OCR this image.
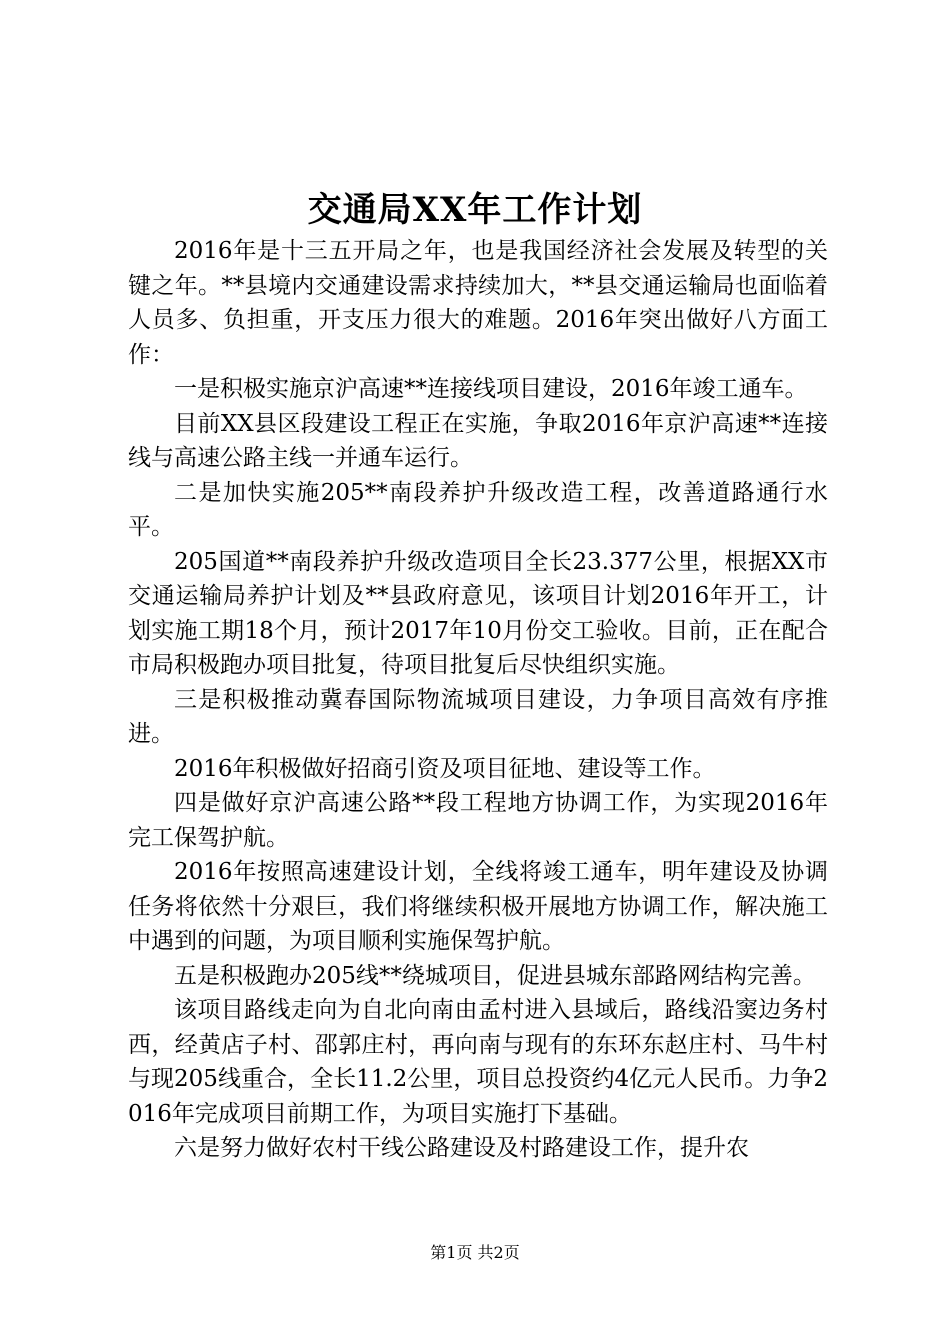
交通局XX年工作计划

2016年是十三五开局之年，也是我国经济社会发展及转型的关键之年。**县境内交通建设需求持续加大，**县交通运输局也面临着人员多、负担重，开支压力很大的难题。2016年突出做好八方面工作：

一是积极实施京沪高速**连接线项目建设，2016年竣工通车。

目前XX县区段建设工程正在实施，争取2016年京沪高速**连接线与高速公路主线一并通车运行。

二是加快实施205**南段养护升级改造工程，改善道路通行水平。

205国道**南段养护升级改造项目全长23.377公里，根据XX市交通运输局养护计划及**县政府意见，该项目计划2016年开工，计划实施工期18个月，预计2017年10月份交工验收。目前，正在配合市局积极跑办项目批复，待项目批复后尽快组织实施。

三是积极推动冀春国际物流城项目建设，力争项目高效有序推进。

2016年积极做好招商引资及项目征地、建设等工作。

四是做好京沪高速公路**段工程地方协调工作，为实现2016年完工保驾护航。

2016年按照高速建设计划，全线将竣工通车，明年建设及协调任务将依然十分艰巨，我们将继续积极开展地方协调工作，解决施工中遇到的问题，为项目顺利实施保驾护航。

五是积极跑办205线**绕城项目，促进县城东部路网结构完善。

该项目路线走向为自北向南由孟村进入县域后，路线沿窦边务村西，经黄店子村、邵郭庄村，再向南与现有的东环东赵庄村、马牛村与现205线重合，全长11.2公里，项目总投资约4亿元人民币。力争2016年完成项目前期工作，为项目实施打下基础。

六是努力做好农村干线公路建设及村路建设工作，提升农

第1页 共2页
